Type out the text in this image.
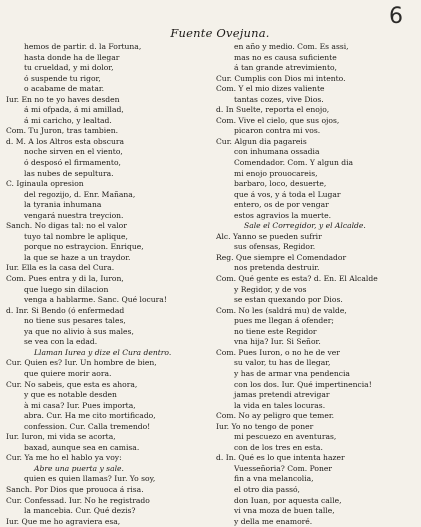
Fuente Ovejuna.
6
hemos de partir. d. la Fortuna,
hasta donde ha de llegar
tu crueldad, y mi dolor,
ó suspende tu rigor,
o acabame de matar.
Iur. En no te yo haves desden
á mi ofpada, á mi amillad,
á mi caricho, y lealtad.
Com. Tu Juron, tras tambien.
d. M. A los Altros esta obscura
noche sirven en el viento,
ó desposó el firmamento,
las nubes de sepultura.
C. Iginaula opresion
del regozijo, d. Enr. Mañana,
la tyrania inhumana
vengará nuestra treycion.
Sanch. No digas tal: no el valor
tuyo tal nombre le aplique,
porque no estraycion. Enrique,
la que se haze a un traydor.
Iur. Ella es la casa del Cura.
Com. Pues entra y di la, Iuron,
que luego sin dilacion
venga a hablarme. Sanc. Qué locura!
d. Inr. Si Bendo (ó enfermedad
no tiene sus pesares tales,
ya que no alivio à sus males,
se vea con la edad.
Llaman Iurea y dize el Cura dentro.
Cur. Quien es? Iur. Un hombre de bien,
que quiere morir aora.
Cur. No sabeis, que esta es ahora,
y que es notable desden
à mi casa? Iur. Pues importa,
abra. Cur. Ha me cito mortificado,
confession. Cur. Calla tremendo!
Iur. Iuron, mi vida se acorta,
baxad, aunque sea en camisa.
Cur. Ya me ho el hablo ya voy:
Abre una puerta y sale.
quien es quien llamas? Iur. Yo soy,
Sanch. Por Dios que prouoca á risa.
Cur. Confessad. Iur. No he registrado
la mancebia. Cur. Qué dezis?
Iur. Que me ho agraviera esa,
en año y medio. Com. Es assi,
mas no es causa suficiente
á tan grande atrevimiento,
Cur. Cumplis con Dios mi intento.
Com. Y el mio dizes valiente
tantas cozes, vive Dios.
d. In Suelte, reporta el enojo,
Com. Vive el cielo, que sus ojos,
picaron contra mi vos.
Cur. Algun dia pagareis
con inhumana ossadia
Comendador. Com. Y algun dia
mi enojo prouocareis,
barbaro, loco, desuerte,
que á vos, y á toda el Lugar
entero, os de por vengar
estos agravios la muerte.
Sale el Corregidor, y el Alcalde.
Alc. Yanno se pueden sufrir
sus ofensas, Regidor.
Reg. Que siempre el Comendador
nos pretenda destruir.
Com. Qué gente es esta? d. En. El Alcalde
y Regidor, y de vos
se estan quexando por Dios.
Com. No les (saldrá mu) de valde,
pues me llegan á ofender;
no tiene este Regidor
vna hija? Iur. Si Señor.
Com. Pues Iuron, o no he de ver
su valor, tu has de llegar,
y has de armar vna pendencia
con los dos. Iur. Qué impertinencia!
jamas pretendi atrevigar
la vida en tales locuras.
Com. No ay peligro que temer.
Iur. Yo no tengo de poner
mi pescuezo en aventuras,
con de los tres en esta.
d. In. Qué es lo que intenta hazer
Vuesseñoria? Com. Poner
fin a vna melancolia,
el otro dia passó,
don Iuan, por aquesta calle,
vi vna moza de buen talle,
y della me enamoré.
